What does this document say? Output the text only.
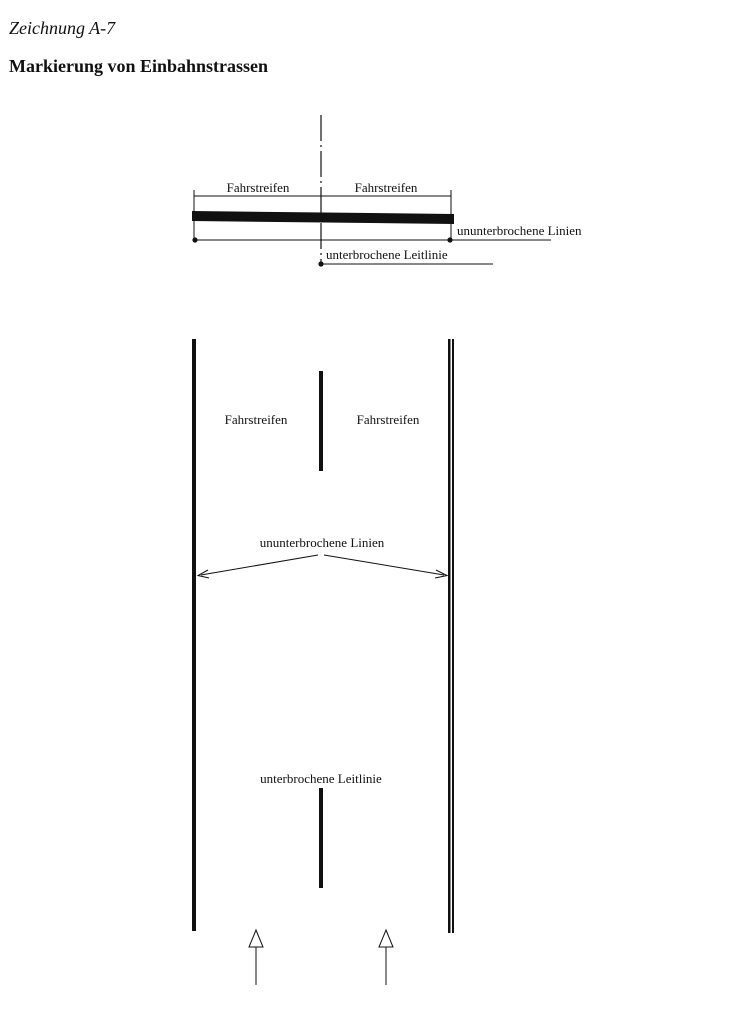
Zeichnung A-7
Markierung von Einbahnstrassen
Fahrstreifen	Fahrstreifen
ununterbrochene Linien
unterbrochene Leitlinie
Fahrstreifen	Fahrstreifen
ununterbrochene Linien
unterbrochene Leitlinie
